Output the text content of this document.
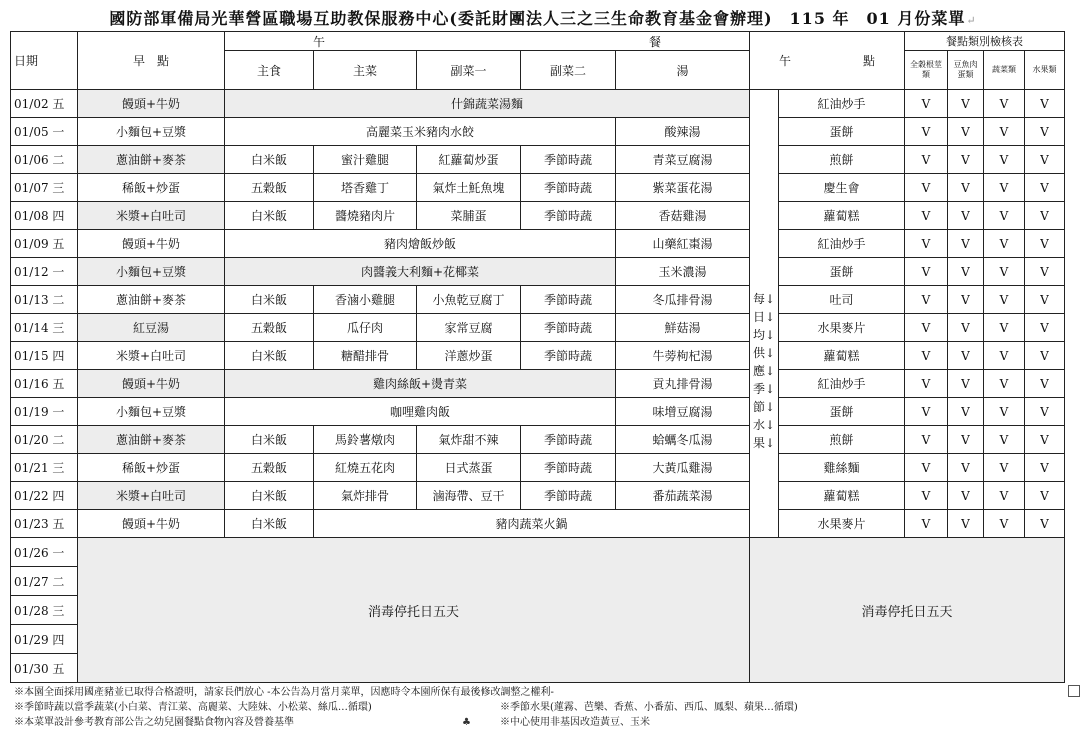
國防部軍備局光華營區職場互助教保服務中心(委託財團法人三之三生命教育基金會辦理)　115 年　01 月份菜單↵
日期	早　點	午　　　　　　　　　　　　　　　　　　　　　　　　　　　餐					午　　　　　　點		餐點類別檢核表			
		主食	主菜	副菜一	副菜二	湯			全穀根莖類	豆魚肉蛋類	蔬菜類	水果類
01/02 五	饅頭+牛奶	什錦蔬菜湯麵					每↓日↓均↓供↓應↓季↓節↓水↓果↓	紅油炒手	V	V	V	V
01/05 一	小麵包+豆漿	高麗菜玉米豬肉水餃				酸辣湯		蛋餅	V	V	V	V
01/06 二	蔥油餅+麥茶	白米飯	蜜汁雞腿	紅蘿蔔炒蛋	季節時蔬	青菜豆腐湯		煎餅	V	V	V	V
01/07 三	稀飯+炒蛋	五穀飯	塔香雞丁	氣炸土魠魚塊	季節時蔬	紫菜蛋花湯		慶生會	V	V	V	V
01/08 四	米漿+白吐司	白米飯	醬燒豬肉片	菜脯蛋	季節時蔬	香菇雞湯		蘿蔔糕	V	V	V	V
01/09 五	饅頭+牛奶	豬肉燴飯炒飯				山藥紅棗湯		紅油炒手	V	V	V	V
01/12 一	小麵包+豆漿	肉醬義大利麵+花椰菜				玉米濃湯		蛋餅	V	V	V	V
01/13 二	蔥油餅+麥茶	白米飯	香滷小雞腿	小魚乾豆腐丁	季節時蔬	冬瓜排骨湯		吐司	V	V	V	V
01/14 三	紅豆湯	五穀飯	瓜仔肉	家常豆腐	季節時蔬	鮮菇湯		水果麥片	V	V	V	V
01/15 四	米漿+白吐司	白米飯	糖醋排骨	洋蔥炒蛋	季節時蔬	牛蒡枸杞湯		蘿蔔糕	V	V	V	V
01/16 五	饅頭+牛奶	雞肉絲飯+燙青菜				貢丸排骨湯		紅油炒手	V	V	V	V
01/19 一	小麵包+豆漿	咖哩雞肉飯				味增豆腐湯		蛋餅	V	V	V	V
01/20 二	蔥油餅+麥茶	白米飯	馬鈴薯燉肉	氣炸甜不辣	季節時蔬	蛤蠣冬瓜湯		煎餅	V	V	V	V
01/21 三	稀飯+炒蛋	五穀飯	紅燒五花肉	日式蒸蛋	季節時蔬	大黃瓜雞湯		雞絲麵	V	V	V	V
01/22 四	米漿+白吐司	白米飯	氣炸排骨	滷海帶、豆干	季節時蔬	番茄蔬菜湯		蘿蔔糕	V	V	V	V
01/23 五	饅頭+牛奶	白米飯	豬肉蔬菜火鍋					水果麥片	V	V	V	V
01/26 一	消毒停托日五天						消毒停托日五天					
01/27 二												
01/28 三												
01/29 四												
01/30 五												
※本園全面採用國產豬並已取得合格證明，請家長們放心 -本公告為月當月菜單，因應時令本園所保有最後修改調整之權利-
※季節時蔬以當季蔬菜(小白菜、青江菜、高麗菜、大陸妹、小松菜、絲瓜…循環)	※季節水果(蓮霧、芭樂、香蕉、小番茄、西瓜、鳳梨、蘋果…循環)
※本菜單設計參考教育部公告之幼兒園餐點食物內容及營養基準	※中心使用非基因改造黃豆、玉米
♣
